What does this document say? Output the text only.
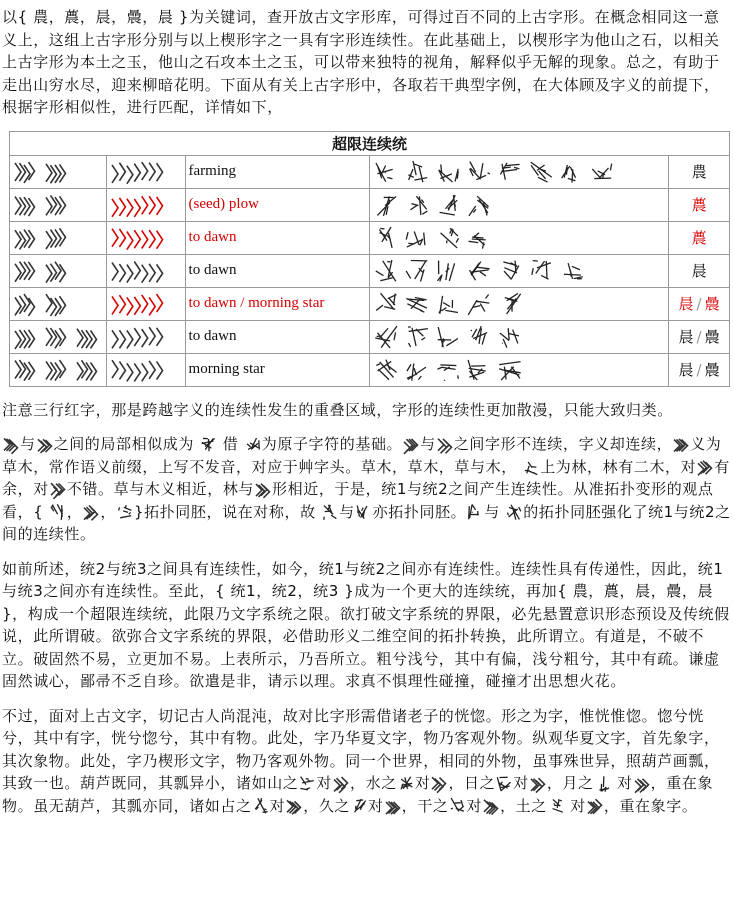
以{ 農，蕽，晨，曟，晨 }为关键词，查开放古文字形库，可得过百不同的上古字形。在概念相同这一意义上，这组上古字形分别与以上楔形字之一具有字形连续性。在此基础上，以楔形字为他山之石，以相关上古字形为本土之玉，他山之石攻本土之玉，可以带来独特的视角，解释似乎无解的现象。总之，有助于走出山穷水尽，迎来柳暗花明。下面从有关上古字形中，各取若干典型字例，在大体顾及字义的前提下，根据字形相似性，进行匹配，详情如下，

超限连续统				

	farming		農

	(seed) plow		蕽

	to dawn		蕽

	to dawn		晨

	to dawn / morning star		晨 / 曟

	to dawn		晨 / 曟

	morning star		晨 / 曟

注意三行红字，那是跨越字义的连续性发生的重叠区域，字形的连续性更加散漫，只能大致归类。

与 之间的局部相似成为 借 为原子字符的基础。 与 之间字形不连续，字义却连续， 义为草木，常作语义前缀，上写不发音，对应于艸字头。草木，草木，草与木， 上为林，林有二木，对 有余，对 不错。草与木义相近，林与 形相近，于是，统1与统2之间产生连续性。从准拓扑变形的观点看，{ ， ， }拓扑同胚，说在对称，故 与 亦拓扑同胚。 与 的拓扑同胚强化了统1与统2之间的连续性。

如前所述，统2与统3之间具有连续性，如今，统1与统2之间亦有连续性。连续性具有传递性，因此，统1与统3之间亦有连续性。至此，{ 统1，统2，统3 }成为一个更大的连续统，再加{ 農，蕽，晨，曟，晨 }，构成一个超限连续统，此限乃文字系统之限。欲打破文字系统的界限，必先悬置意识形态预设及传统假说，此所谓破。欲弥合文字系统的界限，必借助形义二维空间的拓扑转换，此所谓立。有道是，不破不立。破固然不易，立更加不易。上表所示，乃吾所立。粗兮浅兮，其中有偏，浅兮粗兮，其中有疏。谦虚固然诚心，鄙帚不乏自珍。欲遣是非，请示以理。求真不惧理性碰撞，碰撞才出思想火花。

不过，面对上古文字，切记古人尚混沌，故对比字形需借诸老子的恍惚。形之为字，惟恍惟惚。惚兮恍兮，其中有字，恍兮惚兮，其中有物。此处，字乃华夏文字，物乃客观外物。纵观华夏文字，首先象字，其次象物。此处，字乃楔形文字，物乃客观外物。同一个世界，相同的外物，虽事殊世异，照葫芦画瓢，其致一也。葫芦既同，其瓢异小，诸如山之 对 ，水之 对 ，日之 对 ，月之 对 ，重在象物。虽无葫芦，其瓢亦同，诸如占之 对 ，久之 对 ，干之 对 ，土之 对 ，重在象字。
